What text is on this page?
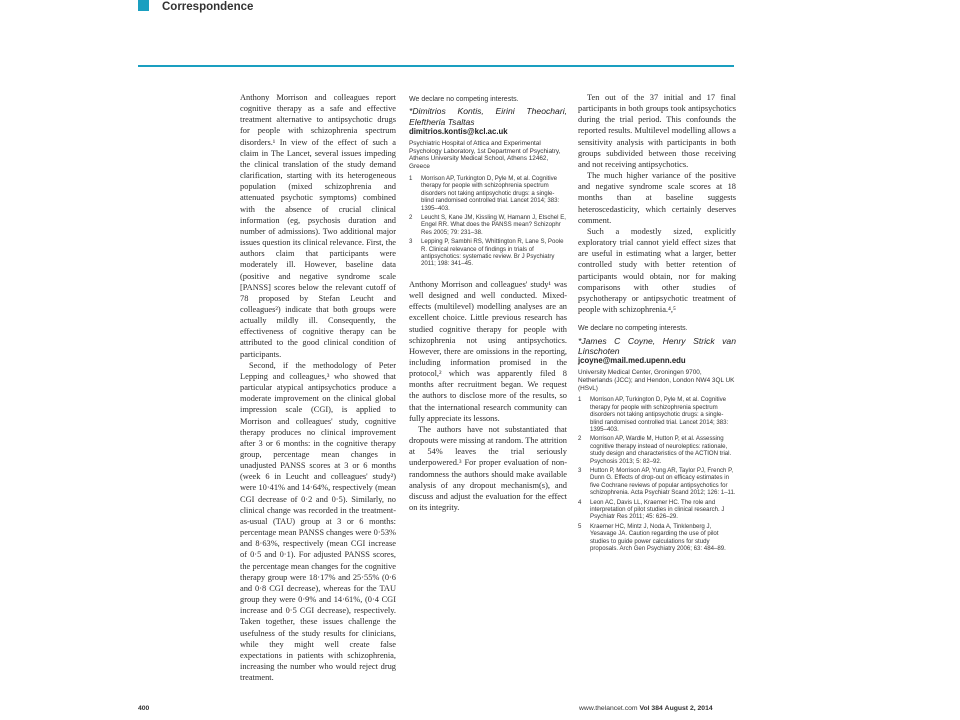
Correspondence

Anthony Morrison and colleagues report cognitive therapy as a safe and effective treatment alternative to antipsychotic drugs for people with schizophrenia spectrum disorders.¹ In view of the effect of such a claim in The Lancet, several issues impeding the clinical translation of the study demand clarification, starting with its heterogeneous population (mixed schizophrenia and attenuated psychotic symptoms) combined with the absence of crucial clinical information (eg, psychosis duration and number of admissions). Two additional major issues question its clinical relevance. First, the authors claim that participants were moderately ill. However, baseline data (positive and negative syndrome scale [PANSS] scores below the relevant cutoff of 78 proposed by Stefan Leucht and colleagues²) indicate that both groups were actually mildly ill. Consequently, the effectiveness of cognitive therapy can be attributed to the good clinical condition of participants.

Second, if the methodology of Peter Lepping and colleagues,³ who showed that particular atypical antipsychotics produce a moderate improvement on the clinical global impression scale (CGI), is applied to Morrison and colleagues' study, cognitive therapy produces no clinical improvement after 3 or 6 months: in the cognitive therapy group, percentage mean changes in unadjusted PANSS scores at 3 or 6 months (week 6 in Leucht and colleagues' study²) were 10·41% and 14·64%, respectively (mean CGI decrease of 0·2 and 0·5). Similarly, no clinical change was recorded in the treatment-as-usual (TAU) group at 3 or 6 months: percentage mean PANSS changes were 0·53% and 8·63%, respectively (mean CGI increase of 0·5 and 0·1). For adjusted PANSS scores, the percentage mean changes for the cognitive therapy group were 18·17% and 25·55% (0·6 and 0·8 CGI decrease), whereas for the TAU group they were 0·9% and 14·61%, (0·4 CGI increase and 0·5 CGI decrease), respectively. Taken together, these issues challenge the usefulness of the study results for clinicians, while they might well create false expectations in patients with schizophrenia, increasing the number who would reject drug treatment.

We declare no competing interests.
*Dimitrios Kontis, Eirini Theochari, Eleftheria Tsaltas
dimitrios.kontis@kcl.ac.uk
Psychiatric Hospital of Attica and Experimental Psychology Laboratory, 1st Department of Psychiatry, Athens University Medical School, Athens 12462, Greece
1	Morrison AP, Turkington D, Pyle M, et al. Cognitive therapy for people with schizophrenia spectrum disorders not taking antipsychotic drugs: a single-blind randomised controlled trial. Lancet 2014; 383: 1395–403.
2	Leucht S, Kane JM, Kissling W, Hamann J, Etschel E, Engel RR. What does the PANSS mean? Schizophr Res 2005; 79: 231–38.
3	Lepping P, Sambhi RS, Whittington R, Lane S, Poole R. Clinical relevance of findings in trials of antipsychotics: systematic review. Br J Psychiatry 2011; 198: 341–45.

Anthony Morrison and colleagues' study¹ was well designed and well conducted. Mixed-effects (multilevel) modelling analyses are an excellent choice. Little previous research has studied cognitive therapy for people with schizophrenia not using antipsychotics. However, there are omissions in the reporting, including information promised in the protocol,² which was apparently filed 8 months after recruitment began. We request the authors to disclose more of the results, so that the international research community can fully appreciate its lessons.

The authors have not substantiated that dropouts were missing at random. The attrition at 54% leaves the trial seriously underpowered.³ For proper evaluation of non-randomness the authors should make available analysis of any dropout mechanism(s), and discuss and adjust the evaluation for the effect on its integrity.

Ten out of the 37 initial and 17 final participants in both groups took antipsychotics during the trial period. This confounds the reported results. Multilevel modelling allows a sensitivity analysis with participants in both groups subdivided between those receiving and not receiving antipsychotics.

The much higher variance of the positive and negative syndrome scale scores at 18 months than at baseline suggests heteroscedasticity, which certainly deserves comment.

Such a modestly sized, explicitly exploratory trial cannot yield effect sizes that are useful in estimating what a larger, better controlled study with better retention of participants would obtain, nor for making comparisons with other studies of psychotherapy or antipsychotic treatment of people with schizophrenia.⁴,⁵

We declare no competing interests.
*James C Coyne, Henry Strick van Linschoten
jcoyne@mail.med.upenn.edu
University Medical Center, Groningen 9700, Netherlands (JCC); and Hendon, London NW4 3QL UK (HSvL)
1	Morrison AP, Turkington D, Pyle M, et al. Cognitive therapy for people with schizophrenia spectrum disorders not taking antipsychotic drugs: a single-blind randomised controlled trial. Lancet 2014; 383: 1395–403.
2	Morrison AP, Wardle M, Hutton P, et al. Assessing cognitive therapy instead of neuroleptics: rationale, study design and characteristics of the ACTION trial. Psychosis 2013; 5: 82–92.
3	Hutton P, Morrison AP, Yung AR, Taylor PJ, French P, Dunn G. Effects of drop-out on efficacy estimates in five Cochrane reviews of popular antipsychotics for schizophrenia. Acta Psychiatr Scand 2012; 126: 1–11.
4	Leon AC, Davis LL, Kraemer HC. The role and interpretation of pilot studies in clinical research. J Psychiatr Res 2011; 45: 626–29.
5	Kraemer HC, Mintz J, Noda A, Tinklenberg J, Yesavage JA. Caution regarding the use of pilot studies to guide power calculations for study proposals. Arch Gen Psychiatry 2006; 63: 484–89.
400	www.thelancet.com Vol 384 August 2, 2014
